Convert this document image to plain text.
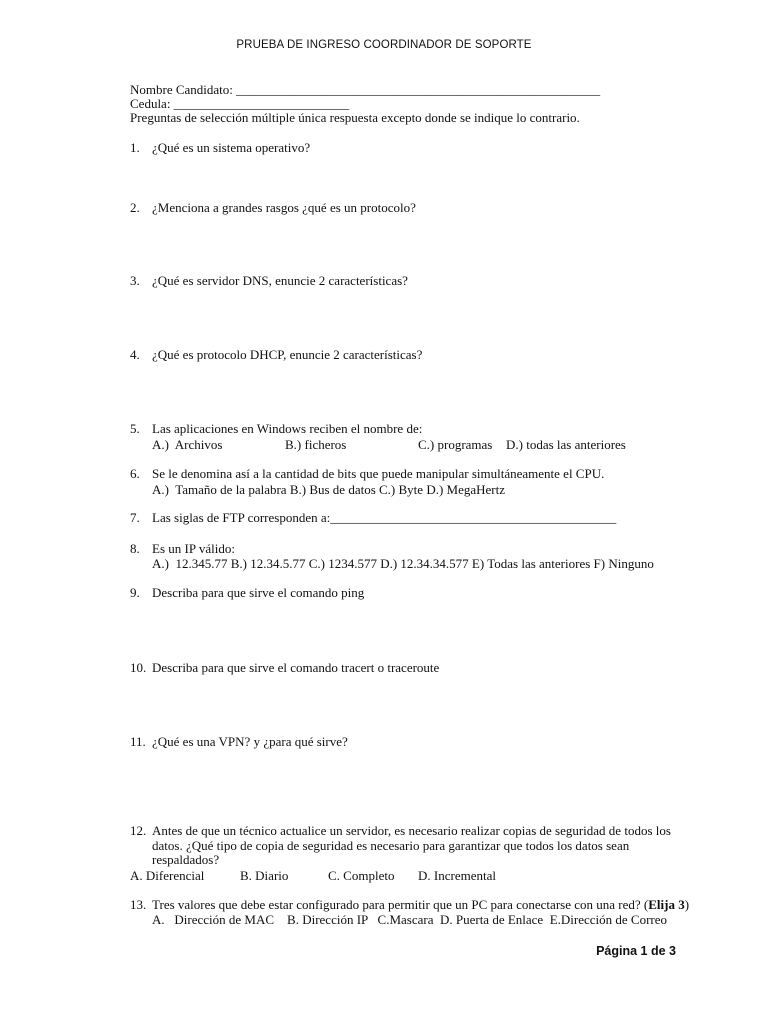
PRUEBA DE INGRESO COORDINADOR DE SOPORTE
Nombre Candidato: ________________________________________________________
Cedula: ___________________________
Preguntas de selección múltiple única respuesta excepto donde se indique lo contrario.
1. ¿Qué es un sistema operativo?
2. ¿Menciona a grandes rasgos ¿qué es un protocolo?
3. ¿Qué es servidor DNS, enuncie 2 características?
4. ¿Qué es protocolo DHCP, enuncie 2 características?
5. Las aplicaciones en Windows reciben el nombre de:
A.)  Archivos	B.) ficheros	C.) programas D.) todas las anteriores
6. Se le denomina así a la cantidad de bits que puede manipular simultáneamente el CPU.
A.)  Tamaño de la palabra B.) Bus de datos C.) Byte D.) MegaHertz
7. Las siglas de FTP corresponden a:____________________________________________
8. Es un IP válido:
A.)  12.345.77 B.) 12.34.5.77 C.) 1234.577 D.) 12.34.34.577 E) Todas las anteriores F) Ninguno
9. Describa para que sirve el comando ping
10. Describa para que sirve el comando tracert o traceroute
11. ¿Qué es una VPN? y ¿para qué sirve?
12. Antes de que un técnico actualice un servidor, es necesario realizar copias de seguridad de todos los
datos. ¿Qué tipo de copia de seguridad es necesario para garantizar que todos los datos sean
respaldados?
A. Diferencial	B. Diario	C. Completo D. Incremental
13. Tres valores que debe estar configurado para permitir que un PC para conectarse con una red? (Elija 3)
A.   Dirección de MAC    B. Dirección IP   C.Mascara  D. Puerta de Enlace  E.Dirección de Correo
Página 1 de 3
